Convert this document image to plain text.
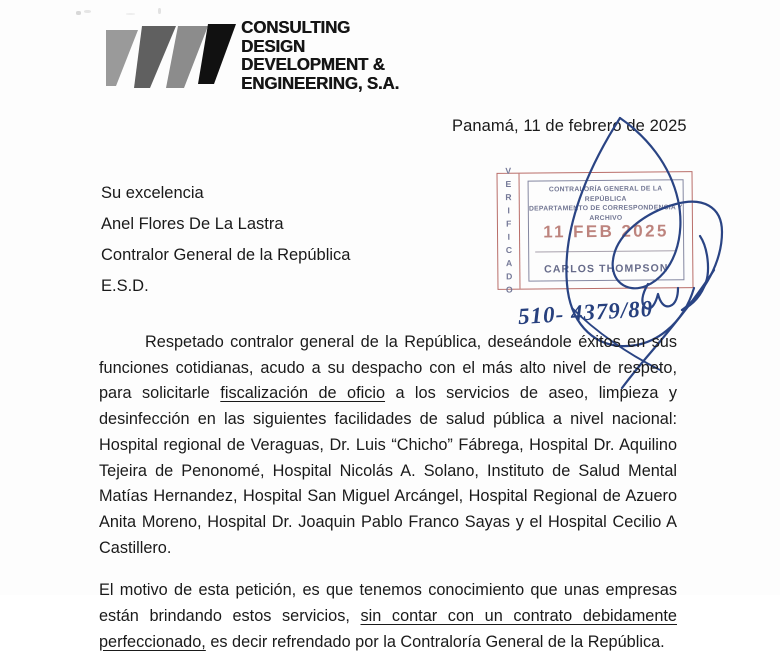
CONSULTING
DESIGN
DEVELOPMENT &
ENGINEERING, S.A.
Panamá, 11 de febrero de 2025
Su excelencia
Anel Flores De La Lastra
Contralor General de la República
E.S.D.	VERIFICADO	CONTRALORÍA GENERAL DE LA REPÚBLICA
DEPARTAMENTO DE CORRESPONDENCIA Y ARCHIVO
11 FEB 2025
CARLOS THOMPSON
510- 4379/80

Respetado contralor general de la República, deseándole éxitos en sus funciones cotidianas, acudo a su despacho con el más alto nivel de respeto, para solicitarle fiscalización de oficio a los servicios de aseo, limpieza y desinfección en las siguientes facilidades de salud pública a nivel nacional: Hospital regional de Veraguas, Dr. Luis “Chicho” Fábrega, Hospital Dr. Aquilino Tejeira de Penonomé, Hospital Nicolás A. Solano, Instituto de Salud Mental Matías Hernandez, Hospital San Miguel Arcángel, Hospital Regional de Azuero Anita Moreno, Hospital Dr. Joaquin Pablo Franco Sayas y el Hospital Cecilio A Castillero.

El motivo de esta petición, es que tenemos conocimiento que unas empresas están brindando estos servicios, sin contar con un contrato debidamente perfeccionado, es decir refrendado por la Contraloría General de la República.
